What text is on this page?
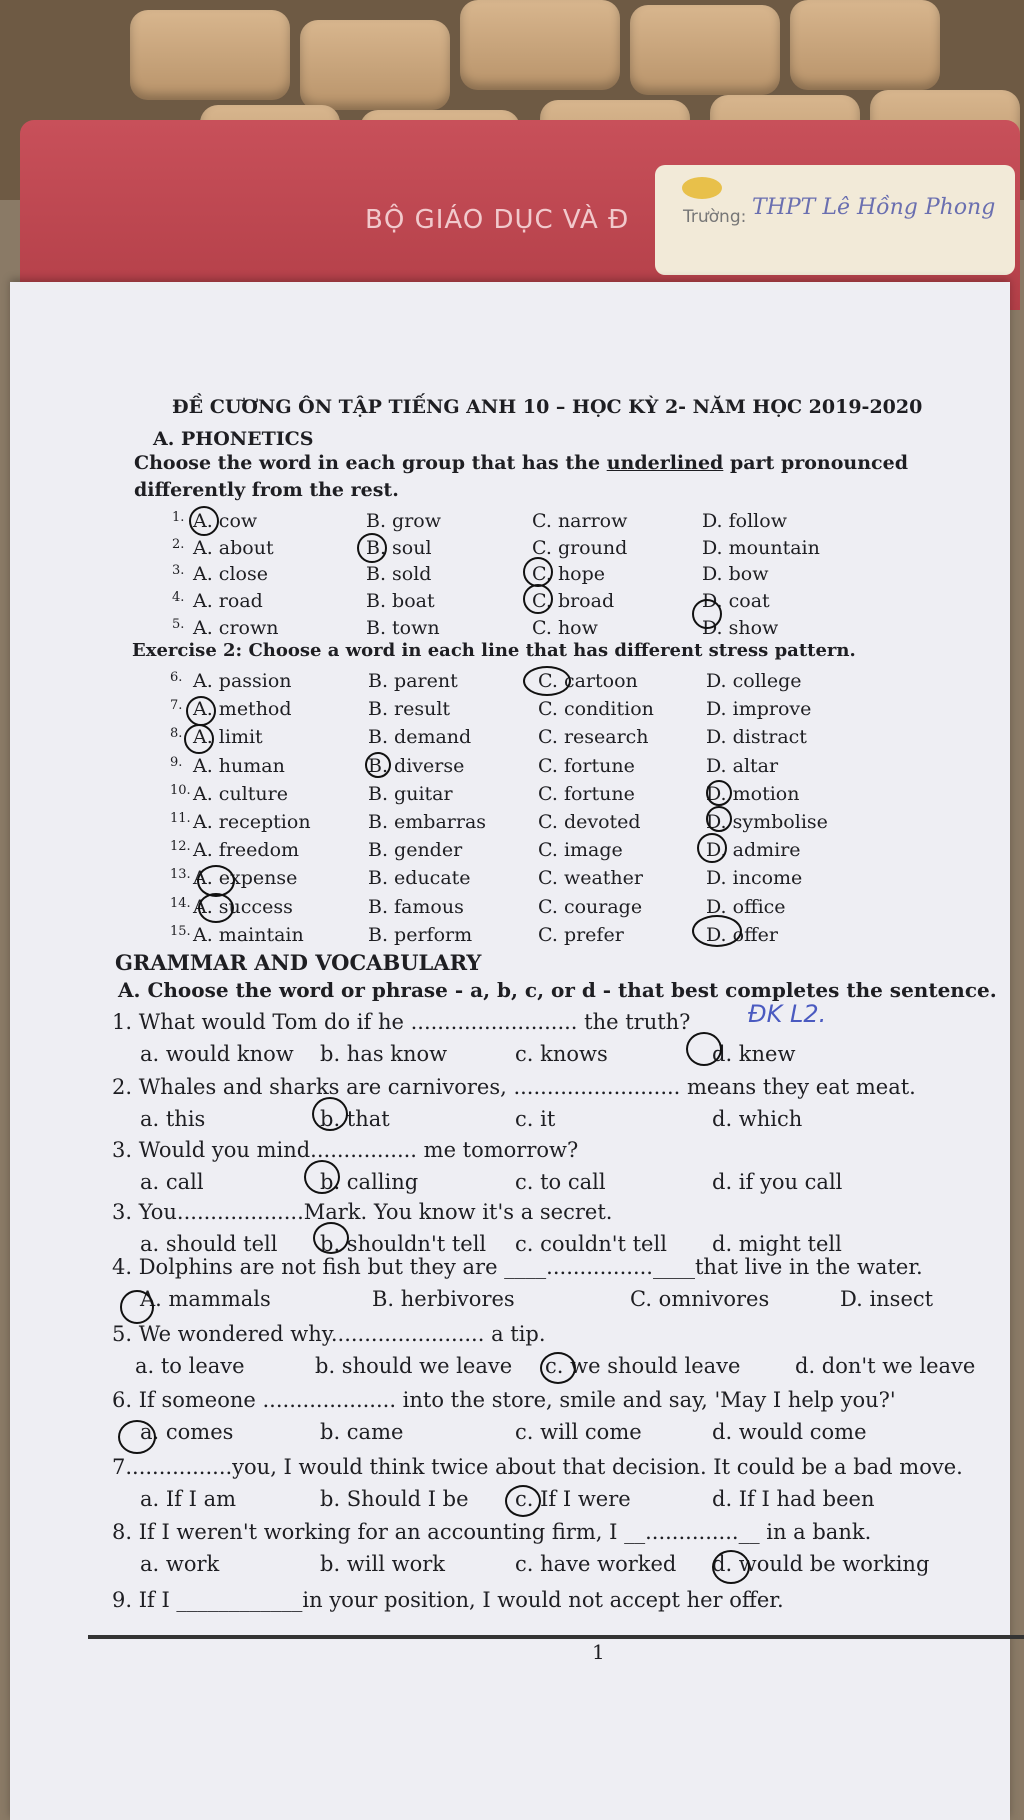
BỘ GIÁO DỤC VÀ Đ	Trường: THPT Lê Hồng Phong
ĐỀ CƯƠNG ÔN TẬP TIẾNG ANH 10 – HỌC KỲ 2- NĂM HỌC 2019-2020
A. PHONETICS
Choose the word in each group that has the underlined part pronounced
differently from the rest.
1. A. cow	B. grow	C. narrow	D. follow
2. A. about	B. soul	C. ground	D. mountain
3. A. close	B. sold	C. hope	D. bow
4. A. road	B. boat	C. broad	D. coat
5. A. crown	B. town	C. how	D. show
Exercise 2: Choose a word in each line that has different stress pattern.
6. A. passion	B. parent	C. cartoon	D. college
7. A. method	B. result	C. condition	D. improve
8. A. limit	B. demand	C. research	D. distract
9. A. human	B. diverse	C. fortune	D. altar
10. A. culture	B. guitar	C. fortune	D. motion
11. A. reception	B. embarras	C. devoted	D. symbolise
12. A. freedom	B. gender	C. image	D. admire
13. A. expense	B. educate	C. weather	D. income
14. A. success	B. famous	C. courage	D. office
15. A. maintain	B. perform	C. prefer	D. offer
GRAMMAR AND VOCABULARY
A. Choose the word or phrase - a, b, c, or d - that best completes the sentence.
ĐK L2.
1. What would Tom do if he ......................... the truth?
a. would know b. has know	c. knows	d. knew
2. Whales and sharks are carnivores, ......................... means they eat meat.
a. this	b. that	c. it	d. which
3. Would you mind................ me tomorrow?
a. call	b. calling	c. to call	d. if you call
3. You...................Mark. You know it's a secret.
a. should tell b. shouldn't tell c. couldn't tell d. might tell
4. Dolphins are not fish but they are ____................____that live in the water.
A. mammals	B. herbivores	C. omnivores	D. insect
5. We wondered why....................... a tip.
a. to leave	b. should we leave c. we should leave	d. don't we leave
6. If someone .................... into the store, smile and say, 'May I help you?'
a. comes	b. came	c. will come	d. would come
7................you, I would think twice about that decision. It could be a bad move.
a. If I am	b. Should I be c. If I were	d. If I had been
8. If I weren't working for an accounting firm, I __..............__ in a bank.
a. work	b. will work	c. have worked d. would be working
9. If I ____________in your position, I would not accept her offer.
1
